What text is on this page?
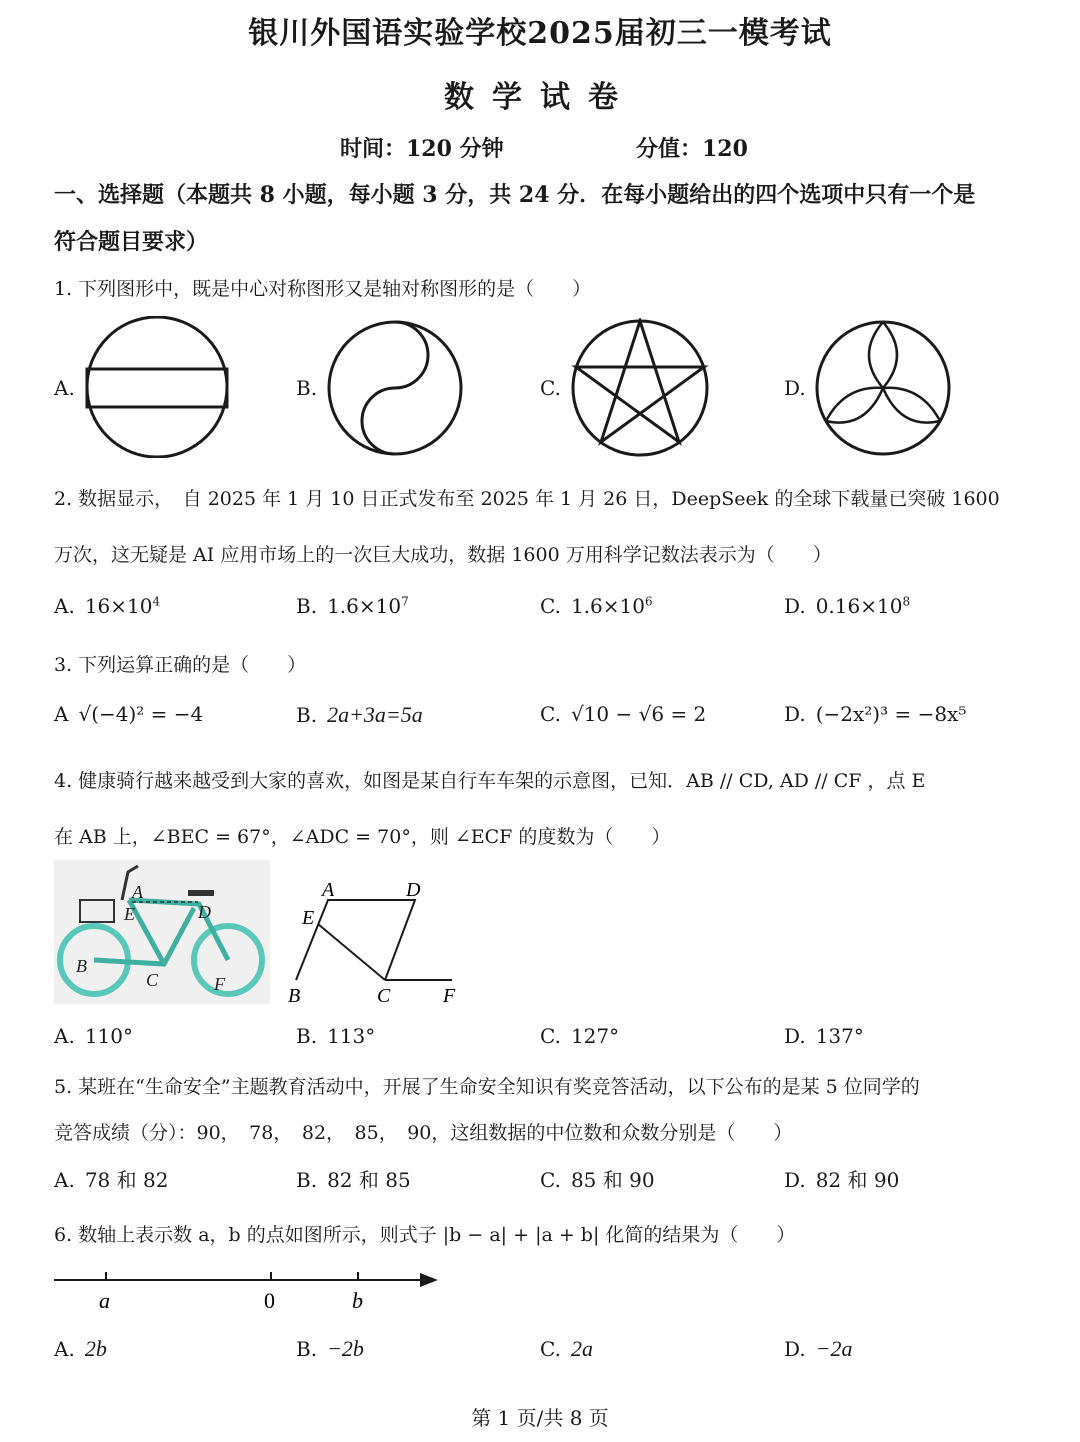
银川外国语实验学校2025届初三一模考试
数学试卷
时间：120 分钟	分值：120
一、选择题（本题共 8 小题，每小题 3 分，共 24 分．在每小题给出的四个选项中只有一个是
符合题目要求）
1. 下列图形中，既是中心对称图形又是轴对称图形的是（　　）
A.	B.	C.	D.
2. 数据显示，　自 2025 年 1 月 10 日正式发布至 2025 年 1 月 26 日，DeepSeek 的全球下载量已突破 1600
万次，这无疑是 AI 应用市场上的一次巨大成功，数据 1600 万用科学记数法表示为（　　）
A. $16\times 10^4$	B. $1.6\times 10^7$	C. $1.6\times 10^6$	D. $0.16\times 10^8$
3. 下列运算正确的是（　　）
A √(−4)² = −4	B. 2a+3a=5a	C. √10 − √6 = 2	D. (−2x²)³ = −8x⁵
4. 健康骑行越来越受到大家的喜欢，如图是某自行车车架的示意图，已知．AB // CD, AD // CF ，点 E
在 AB 上，∠BEC = 67°，∠ADC = 70°，则 ∠ECF 的度数为（　　）
A
E	D
B
C	F
A	D
E
B	C	F
A. 110°	B. 113°	C. 127°	D. 137°
5. 某班在“生命安全”主题教育活动中，开展了生命安全知识有奖竞答活动，以下公布的是某 5 位同学的
竞答成绩（分）：90，　78，　82，　85，　90，这组数据的中位数和众数分别是（　　）
A. 78 和 82	B. 82 和 85	C. 85 和 90	D. 82 和 90
6. 数轴上表示数 a，b 的点如图所示，则式子 |b − a| + |a + b| 化简的结果为（　　）
a	0	b
A. 2b	B. −2b	C. 2a	D. −2a
第 1 页/共 8 页
